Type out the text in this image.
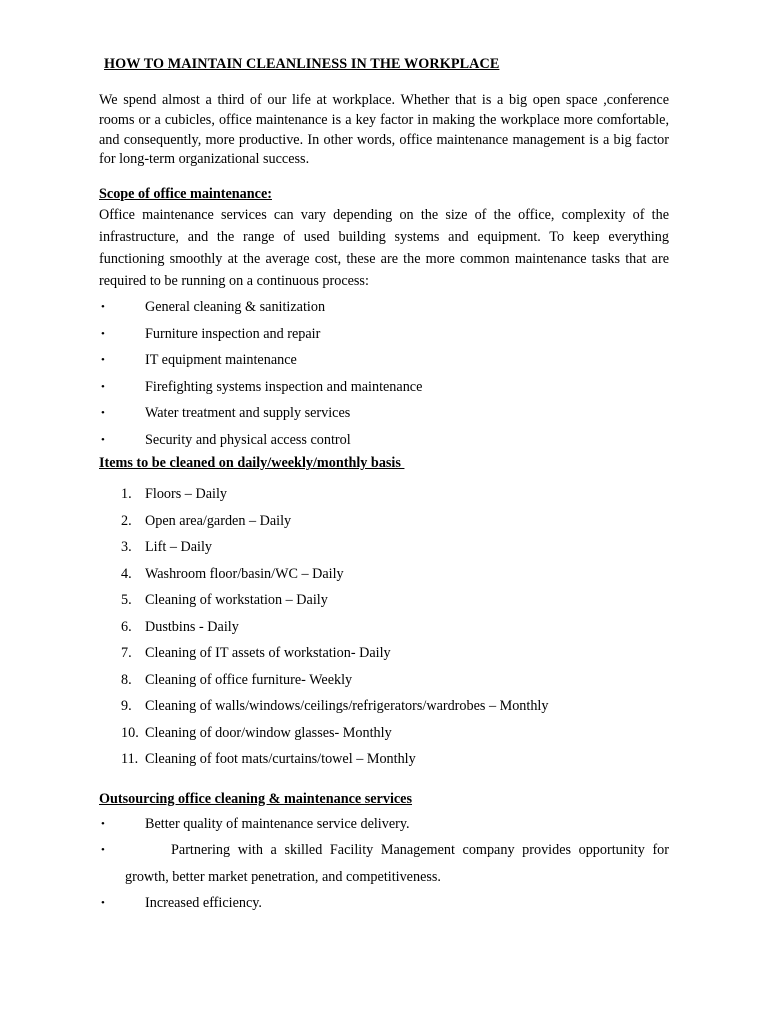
HOW TO MAINTAIN CLEANLINESS IN THE WORKPLACE

We spend almost a third of our life at workplace. Whether that is a big open space ,conference rooms or a cubicles, office maintenance is a key factor in making the workplace more comfortable, and consequently, more productive. In other words, office maintenance management is a big factor for long-term organizational success.

Scope of office maintenance:

Office maintenance services can vary depending on the size of the office, complexity of the infrastructure, and the range of used building systems and equipment. To keep everything functioning smoothly at the average cost, these are the more common maintenance tasks that are required to be running on a continuous process:

•	General cleaning & sanitization
•	Furniture inspection and repair
•	IT equipment maintenance
•	Firefighting systems inspection and maintenance
•	Water treatment and supply services
•	Security and physical access control
Items to be cleaned on daily/weekly/monthly basis
1. Floors – Daily
2. Open area/garden – Daily
3. Lift – Daily
4. Washroom floor/basin/WC – Daily
5. Cleaning of workstation – Daily
6. Dustbins - Daily
7. Cleaning of IT assets of workstation- Daily
8. Cleaning of office furniture- Weekly
9. Cleaning of walls/windows/ceilings/refrigerators/wardrobes – Monthly
10. Cleaning of door/window glasses- Monthly
11. Cleaning of foot mats/curtains/towel – Monthly
Outsourcing office cleaning & maintenance services
•	Better quality of maintenance service delivery.
•	Partnering with a skilled Facility Management company provides opportunity for growth, better market penetration, and competitiveness.
•	Increased efficiency.
